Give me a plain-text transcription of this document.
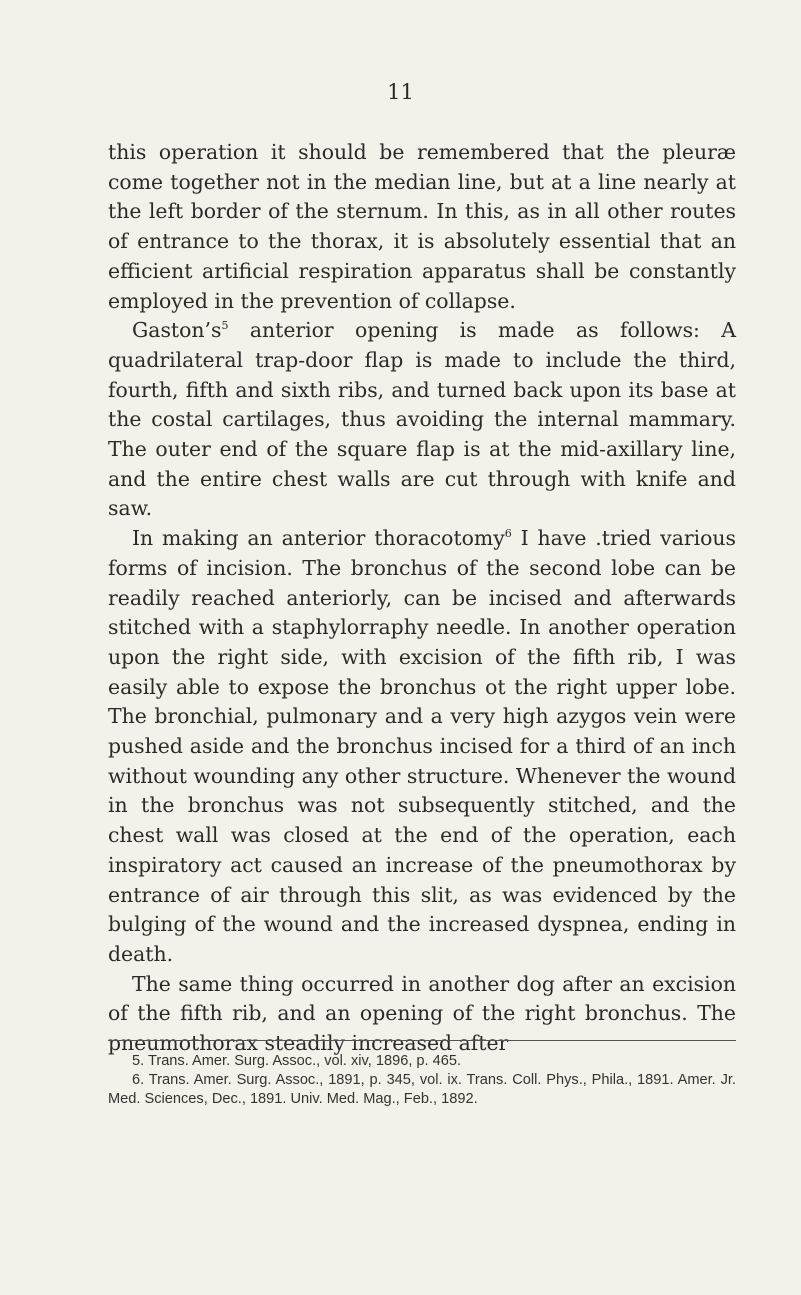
11

this operation it should be remembered that the pleuræ come together not in the median line, but at a line nearly at the left border of the sternum. In this, as in all other routes of entrance to the thorax, it is absolutely essential that an efficient artificial respiration apparatus shall be constantly employed in the prevention of collapse.

$Gaston’s^5$ anterior opening is made as follows: A quadrilateral trap-door flap is made to include the third, fourth, fifth and sixth ribs, and turned back upon its base at the costal cartilages, thus avoiding the internal mammary. The outer end of the square flap is at the mid-axillary line, and the entire chest walls are cut through with knife and saw.

In making an anterior thoracotomy$^6$ I have .tried various forms of incision. The bronchus of the second lobe can be readily reached anteriorly, can be incised and afterwards stitched with a staphylorraphy needle. In another operation upon the right side, with excision of the fifth rib, I was easily able to expose the bronchus ot the right upper lobe. The bronchial, pulmonary and a very high azygos vein were pushed aside and the bronchus incised for a third of an inch without wounding any other structure. Whenever the wound in the bronchus was not subsequently stitched, and the chest wall was closed at the end of the operation, each inspiratory act caused an increase of the pneumothorax by entrance of air through this slit, as was evidenced by the bulging of the wound and the increased dyspnea, ending in death.

The same thing occurred in another dog after an excision of the fifth rib, and an opening of the right bronchus. The pneumothorax steadily increased after

5. Trans. Amer. Surg. Assoc., vol. xiv, 1896, p. 465.

6. Trans. Amer. Surg. Assoc., 1891, p. 345, vol. ix. Trans. Coll. Phys., Phila., 1891. Amer. Jr. Med. Sciences, Dec., 1891. Univ. Med. Mag., Feb., 1892.
